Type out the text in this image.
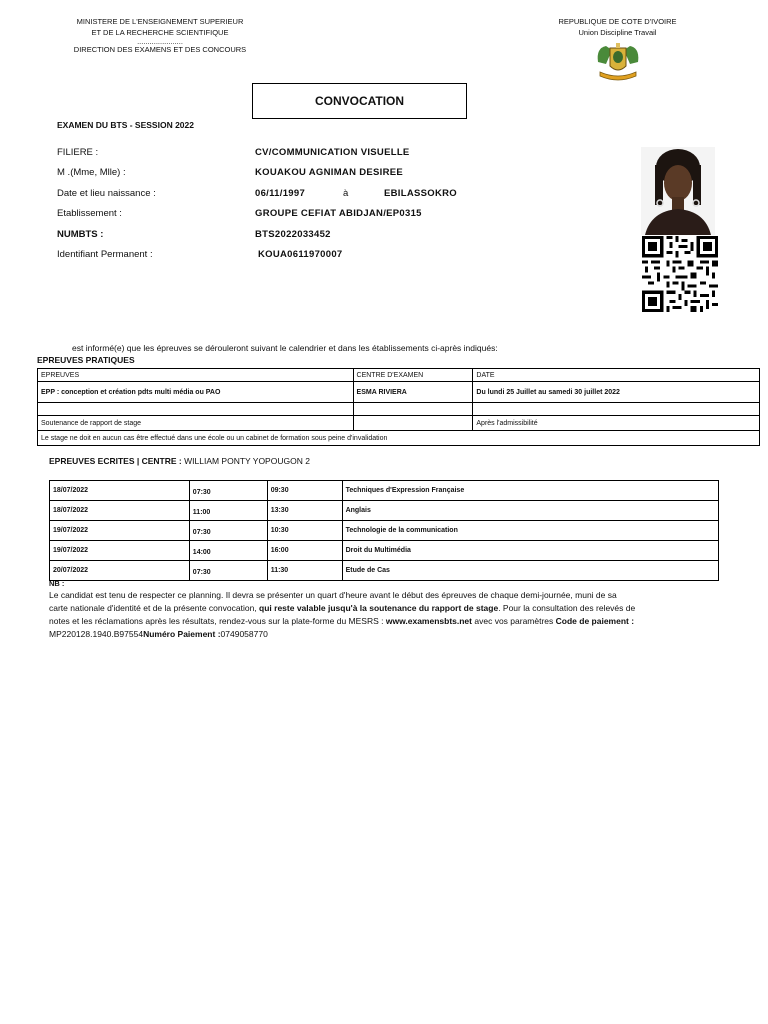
MINISTERE DE L'ENSEIGNEMENT SUPERIEUR
ET DE LA RECHERCHE SCIENTIFIQUE
......................
DIRECTION DES EXAMENS ET DES CONCOURS
REPUBLIQUE DE COTE D'IVOIRE
Union Discipline Travail
CONVOCATION
EXAMEN DU BTS - SESSION 2022
FILIERE :	CV/COMMUNICATION VISUELLE
M .(Mme, Mlle) :	KOUAKOU AGNIMAN DESIREE
Date et lieu naissance :	06/11/1997	à	EBILASSOKRO
Etablissement :	GROUPE CEFIAT ABIDJAN/EP0315
NUMBTS :	BTS2022033452
Identifiant Permanent :	KOUA0611970007
est informé(e) que les épreuves se dérouleront suivant le calendrier et dans les établissements ci-après indiqués:
EPREUVES PRATIQUES
EPREUVES	CENTRE D'EXAMEN	DATE
EPP : conception et création pdts multi média ou PAO	ESMA RIVIERA	Du lundi 25 Juillet au samedi 30 juillet 2022

Soutenance de rapport de stage		Après l'admissibilité
Le stage ne doit en aucun cas être effectué dans une école ou un cabinet de formation sous peine d'invalidation		
EPREUVES ECRITES | CENTRE : WILLIAM PONTY YOPOUGON 2
18/07/2022	07:30	09:30	Techniques d'Expression Française
18/07/2022	11:00	13:30	Anglais
19/07/2022	07:30	10:30	Technologie de la communication
19/07/2022	14:00	16:00	Droit du Multimédia
20/07/2022	07:30	11:30	Etude de Cas
NB :
Le candidat est tenu de respecter ce planning. Il devra se présenter un quart d'heure avant le début des épreuves de chaque demi-journée, muni de sa
carte nationale d'identité et de la présente convocation, qui reste valable jusqu'à la soutenance du rapport de stage. Pour la consultation des relevés de
notes et les réclamations après les résultats, rendez-vous sur la plate-forme du MESRS : www.examensbts.net avec vos paramètres Code de paiement :
MP220128.1940.B97554Numéro Paiement :0749058770
